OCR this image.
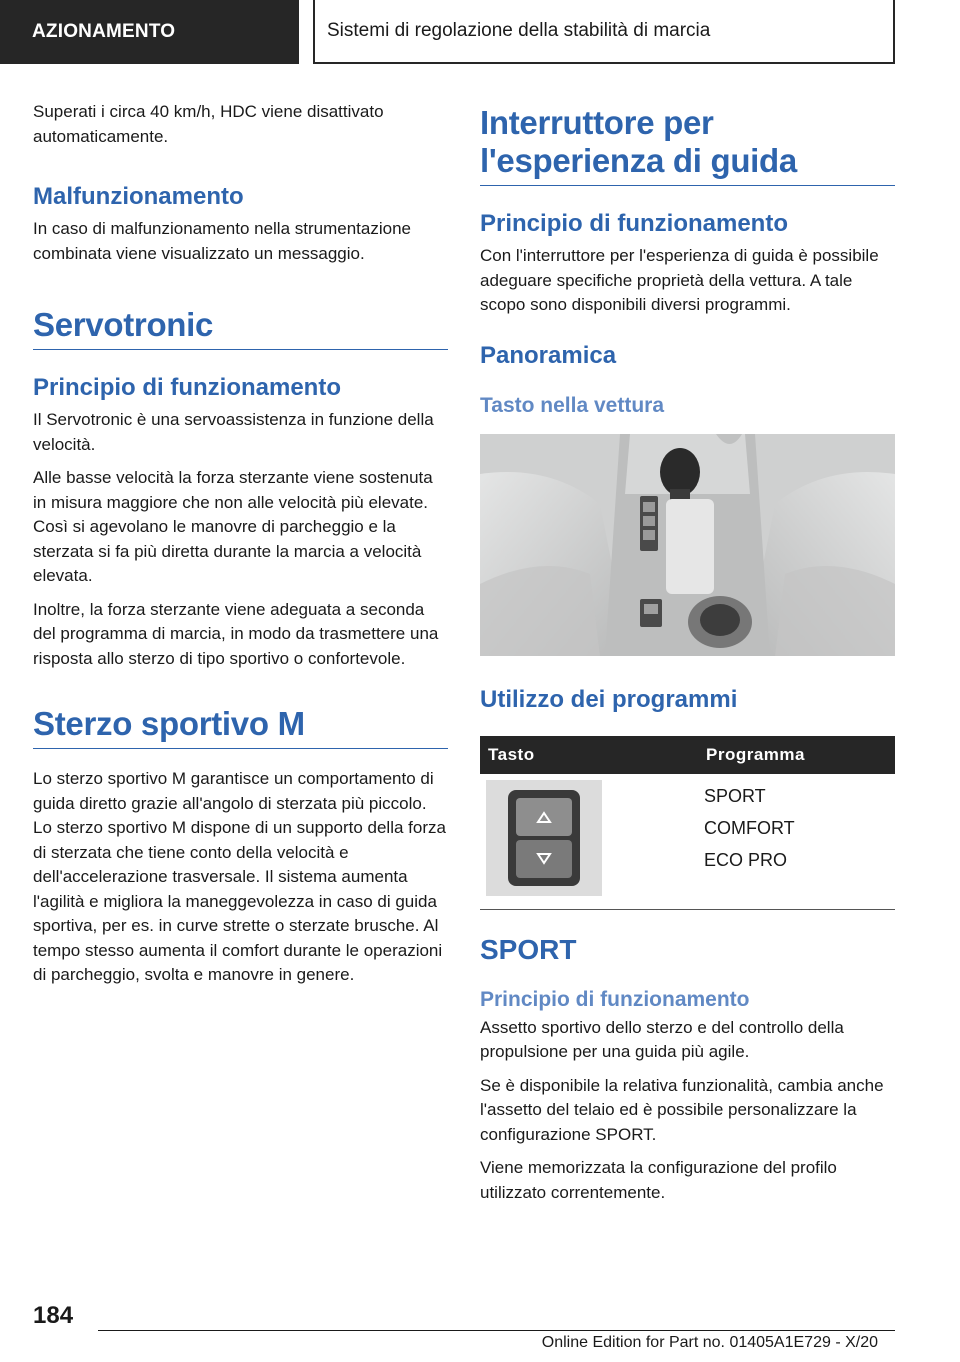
AZIONAMENTO	Sistemi di regolazione della stabilità di marcia

Superati i circa 40 km/h, HDC viene disattivato automaticamente.

Malfunzionamento

In caso di malfunzionamento nella strumentazione combinata viene visualizzato un messaggio.

Servotronic
Principio di funzionamento

Il Servotronic è una servoassistenza in funzione della velocità.

Alle basse velocità la forza sterzante viene sostenuta in misura maggiore che non alle velocità più elevate. Così si agevolano le manovre di parcheggio e la sterzata si fa più diretta durante la marcia a velocità elevata.

Inoltre, la forza sterzante viene adeguata a seconda del programma di marcia, in modo da trasmettere una risposta allo sterzo di tipo sportivo o confortevole.

Sterzo sportivo M

Lo sterzo sportivo M garantisce un comportamento di guida diretto grazie all'angolo di sterzata più piccolo. Lo sterzo sportivo M dispone di un supporto della forza di sterzata che tiene conto della velocità e dell'accelerazione trasversale. Il sistema aumenta l'agilità e migliora la maneggevolezza in caso di guida sportiva, per es. in curve strette o sterzate brusche. Al tempo stesso aumenta il comfort durante le operazioni di parcheggio, svolta e manovre in genere.

Interruttore per l'esperienza di guida
Principio di funzionamento

Con l'interruttore per l'esperienza di guida è possibile adeguare specifiche proprietà della vettura. A tale scopo sono disponibili diversi programmi.

Panoramica
Tasto nella vettura
Utilizzo dei programmi
Tasto	Programma

SPORT
COMFORT
ECO PRO
SPORT
Principio di funzionamento

Assetto sportivo dello sterzo e del controllo della propulsione per una guida più agile.

Se è disponibile la relativa funzionalità, cambia anche l'assetto del telaio ed è possibile personalizzare la configurazione SPORT.

Viene memorizzata la configurazione del profilo utilizzato correntemente.

184
Online Edition for Part no. 01405A1E729 - X/20
